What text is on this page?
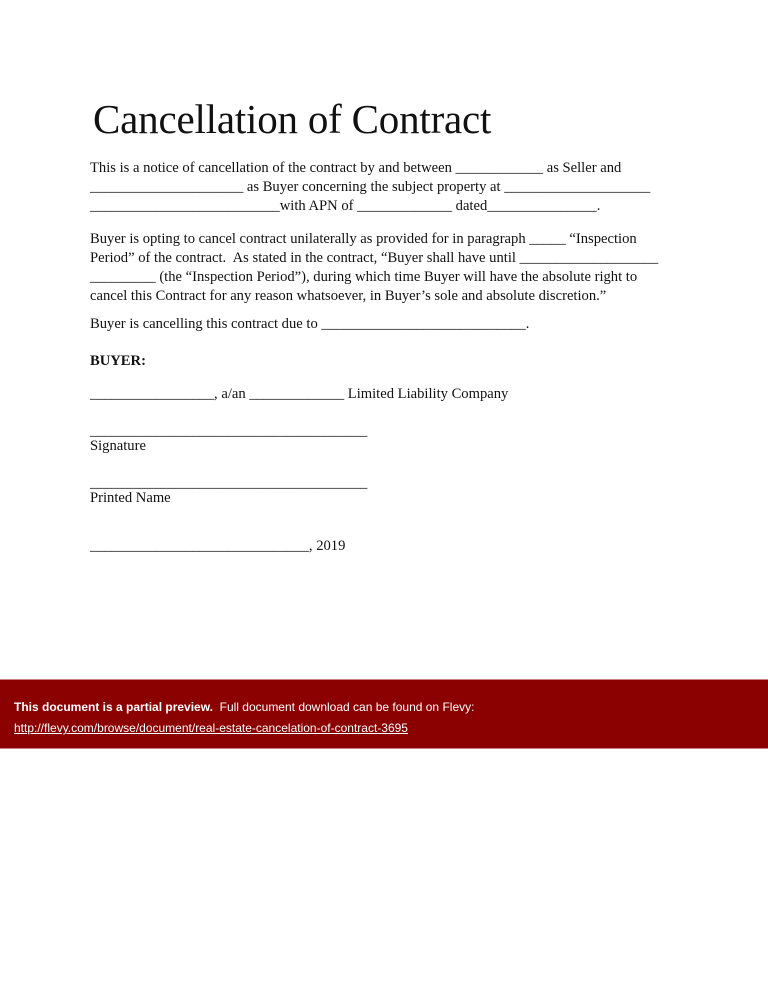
Cancellation of Contract
This is a notice of cancellation of the contract by and between ____________ as Seller and
_____________________ as Buyer concerning the subject property at ____________________
__________________________with APN of _____________ dated_______________.
Buyer is opting to cancel contract unilaterally as provided for in paragraph _____ “Inspection
Period” of the contract.  As stated in the contract, “Buyer shall have until ___________________
_________ (the “Inspection Period”), during which time Buyer will have the absolute right to
cancel this Contract for any reason whatsoever, in Buyer’s sole and absolute discretion.”
Buyer is cancelling this contract due to ____________________________.
BUYER:
_________________, a/an _____________ Limited Liability Company
______________________________________
Signature
______________________________________
Printed Name
______________________________, 2019
This document is a partial preview.  Full document download can be found on Flevy:
http://flevy.com/browse/document/real-estate-cancelation-of-contract-3695
